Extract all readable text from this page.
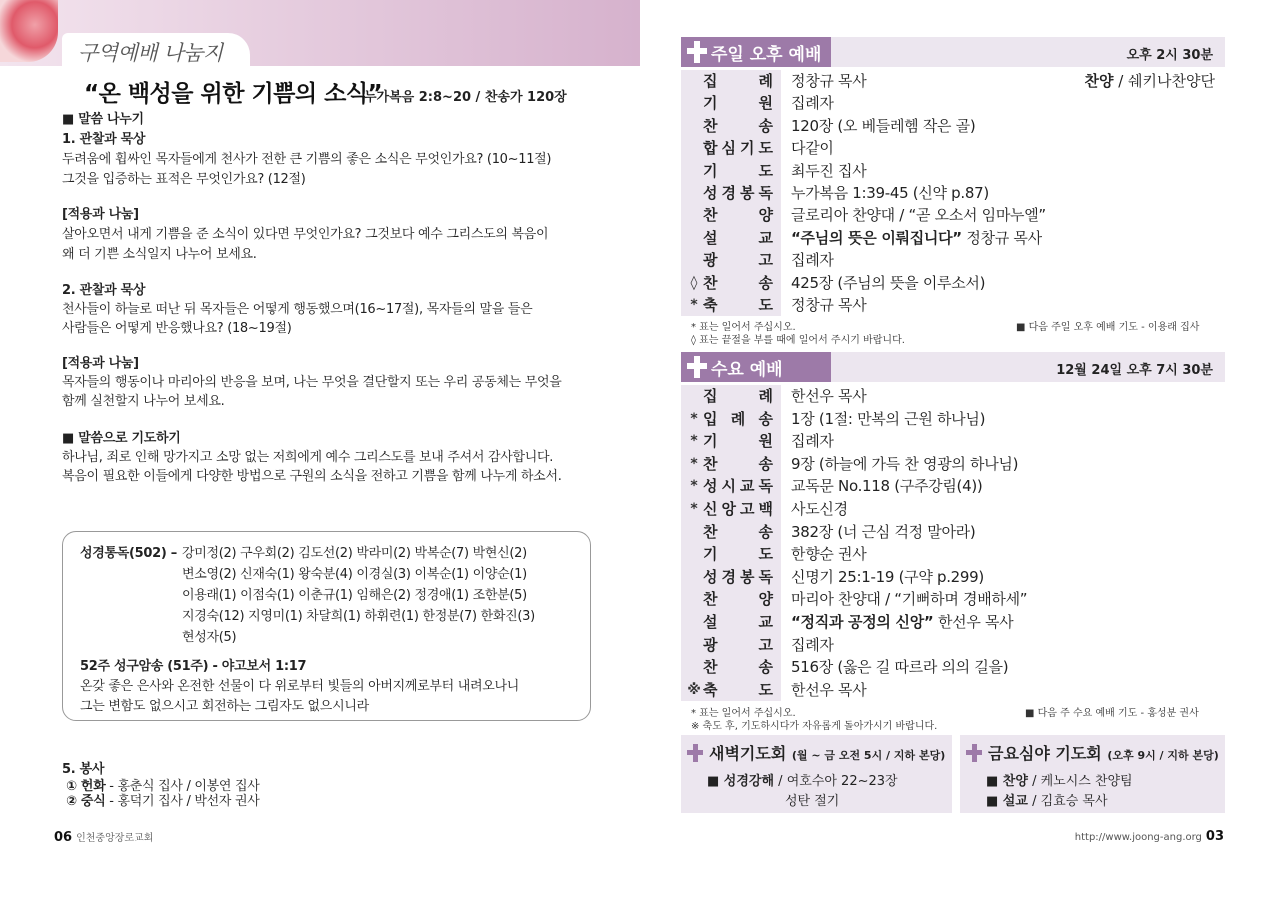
구역예배 나눔지
“온 백성을 위한 기쁨의 소식”
누가복음 2:8~20 / 찬송가 120장
■ 말씀 나누기
1. 관찰과 묵상
두려움에 휩싸인 목자들에게 천사가 전한 큰 기쁨의 좋은 소식은 무엇인가요? (10~11절)
그것을 입증하는 표적은 무엇인가요? (12절)
[적용과 나눔]
살아오면서 내게 기쁨을 준 소식이 있다면 무엇인가요? 그것보다 예수 그리스도의 복음이
왜 더 기쁜 소식일지 나누어 보세요.
2. 관찰과 묵상
천사들이 하늘로 떠난 뒤 목자들은 어떻게 행동했으며(16~17절), 목자들의 말을 들은
사람들은 어떻게 반응했나요? (18~19절)
[적용과 나눔]
목자들의 행동이나 마리아의 반응을 보며, 나는 무엇을 결단할지 또는 우리 공동체는 무엇을
함께 실천할지 나누어 보세요.
■ 말씀으로 기도하기
하나님, 죄로 인해 망가지고 소망 없는 저희에게 예수 그리스도를 보내 주셔서 감사합니다.
복음이 필요한 이들에게 다양한 방법으로 구원의 소식을 전하고 기쁨을 함께 나누게 하소서.
성경통독(502) – 강미정(2) 구우회(2) 김도선(2) 박라미(2) 박복순(7) 박현신(2)
변소영(2) 신재숙(1) 왕숙분(4) 이경실(3) 이복순(1) 이양순(1)
이용래(1) 이점숙(1) 이춘규(1) 임해은(2) 정경애(1) 조한분(5)
지경숙(12) 지영미(1) 차달희(1) 하휘련(1) 한정분(7) 한화진(3)
현성자(5)
52주 성구암송 (51주) - 야고보서 1:17
온갖 좋은 은사와 온전한 선물이 다 위로부터 빛들의 아버지께로부터 내려오나니
그는 변함도 없으시고 회전하는 그림자도 없으시니라
5. 봉사
① 헌화 - 홍춘식 집사 / 이봉연 집사
② 중식 - 홍덕기 집사 / 박선자 권사
06 인천중앙장로교회
주일 오후 예배	오후 2시 30분
집	례 정창규 목사	찬양 / 쉐키나찬양단
기	원 집례자
찬	송 120장 (오 베들레헴 작은 골)
합 심 기 도 다같이
기	도 최두진 집사
성 경 봉 독 누가복음 1:39-45 (신약 p.87)
찬	양 글로리아 찬양대 / “곧 오소서 임마누엘”
설	교 “주님의 뜻은 이뤄집니다” 정창규 목사
광	고 집례자
◊ 찬	송 425장 (주님의 뜻을 이루소서)
* 축	도 정창규 목사
* 표는 일어서 주십시오.
◊ 표는 끝절을 부를 때에 일어서 주시기 바랍니다.
■ 다음 주일 오후 예배 기도 - 이용래 집사
수요 예배	12월 24일 오후 7시 30분
집	례 한선우 목사
* 입 례 송 1장 (1절: 만복의 근원 하나님)
* 기	원 집례자
* 찬	송 9장 (하늘에 가득 찬 영광의 하나님)
* 성 시 교 독 교독문 No.118 (구주강림(4))
* 신 앙 고 백 사도신경
찬	송 382장 (너 근심 걱정 말아라)
기	도 한향순 권사
성 경 봉 독 신명기 25:1-19 (구약 p.299)
찬	양 마리아 찬양대 / “기뻐하며 경배하세”
설	교 “정직과 공정의 신앙” 한선우 목사
광	고 집례자
찬	송 516장 (옳은 길 따르라 의의 길을)
※ 축	도 한선우 목사
* 표는 일어서 주십시오.
※ 축도 후, 기도하시다가 자유롭게 돌아가시기 바랍니다.
■ 다음 주 수요 예배 기도 - 홍성분 권사
새벽기도회 (월 ~ 금 오전 5시 / 지하 본당)
■ 성경강해 / 여호수아 22~23장
성탄 절기
금요심야 기도회 (오후 9시 / 지하 본당)
■ 찬양 / 케노시스 찬양팀
■ 설교 / 김효승 목사
http://www.joong-ang.org 03
